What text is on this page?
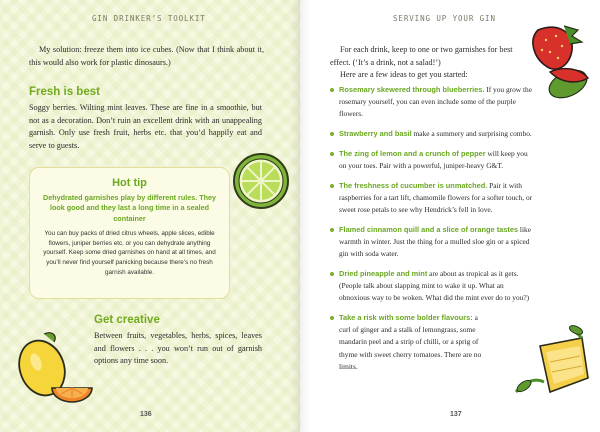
GIN DRINKER’S TOOLKIT

My solution: freeze them into ice cubes. (Now that I think about it, this would also work for plastic dinosaurs.)

Fresh is best

Soggy berries. Wilting mint leaves. These are fine in a smoothie, but not as a decoration. Don’t ruin an excellent drink with an unappealing garnish. Only use fresh fruit, herbs etc. that you’d happily eat and serve to guests.

Hot tip
Dehydrated garnishes play by different rules. They look good and they last a long time in a sealed container
You can buy packs of dried citrus wheels, apple slices, edible flowers, juniper berries etc. or you can dehydrate anything yourself. Keep some dried garnishes on hand at all times, and you’ll never find yourself panicking because there’s no fresh garnish available.
Get creative

Between fruits, vegetables, herbs, spices, leaves and flowers . . . you won’t run out of garnish options any time soon.

136
SERVING UP YOUR GIN

For each drink, keep to one or two garnishes for best effect. (‘It’s a drink, not a salad!’)

Here are a few ideas to get you started:

Rosemary skewered through blueberries. If you grow the rosemary yourself, you can even include some of the purple flowers.
Strawberry and basil make a summery and surprising combo.
The zing of lemon and a crunch of pepper will keep you on your toes. Pair with a powerful, juniper-heavy G&T.
The freshness of cucumber is unmatched. Pair it with raspberries for a tart lift, chamomile flowers for a softer touch, or sweet rose petals to see why Hendrick’s fell in love.
Flamed cinnamon quill and a slice of orange tastes like warmth in winter. Just the thing for a mulled sloe gin or a spiced gin with soda water.
Dried pineapple and mint are about as tropical as it gets. (People talk about slapping mint to wake it up. What an obnoxious way to be woken. What did the mint ever do to you?)
Take a risk with some bolder flavours: a curl of ginger and a stalk of lemongrass, some mandarin peel and a strip of chilli, or a sprig of thyme with sweet cherry tomatoes. There are no limits.
137
